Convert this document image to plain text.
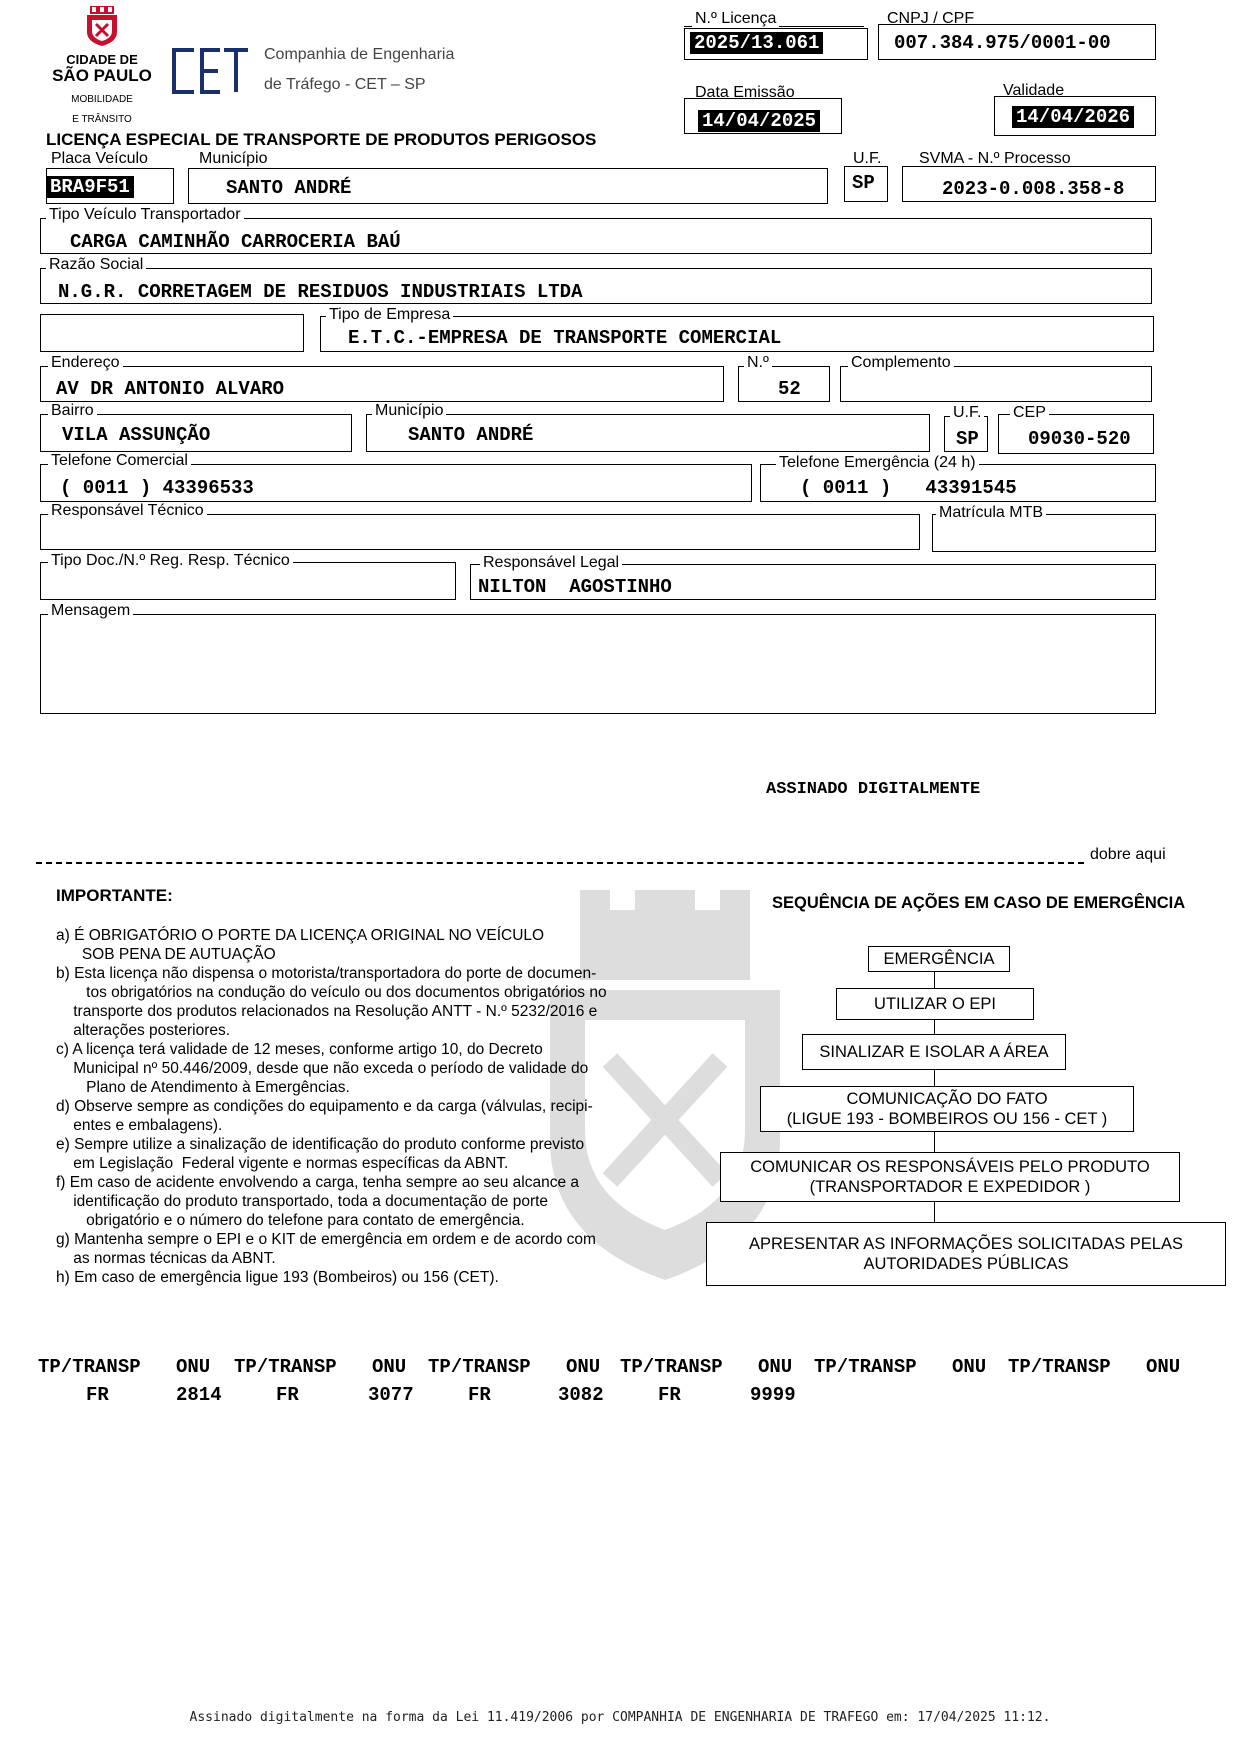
CIDADE DE
SÃO PAULO
MOBILIDADE
E TRÂNSITO
Companhia de Engenharia
de Tráfego - CET – SP
LICENÇA ESPECIAL DE TRANSPORTE DE PRODUTOS PERIGOSOS
N.º Licença
2025/13.061
CNPJ / CPF
007.384.975/0001-00
Data Emissão
14/04/2025
Validade
14/04/2026
Placa Veículo
BRA9F51
Município
SANTO ANDRÉ
U.F.
SP
SVMA - N.º Processo
2023-0.008.358-8
Tipo Veículo Transportador
CARGA CAMINHÃO CARROCERIA BAÚ
Razão Social
N.G.R. CORRETAGEM DE RESIDUOS INDUSTRIAIS LTDA
Tipo de Empresa
E.T.C.-EMPRESA DE TRANSPORTE COMERCIAL
Endereço
AV DR ANTONIO ALVARO
N.º
52
Complemento
Bairro
VILA ASSUNÇÃO
Município
SANTO ANDRÉ
U.F.
SP
CEP
09030-520
Telefone Comercial
( 0011 ) 43396533
Telefone Emergência (24 h)
( 0011 )   43391545
Responsável Técnico	Matrícula MTB
Tipo Doc./N.º Reg. Resp. Técnico	Responsável Legal
NILTON  AGOSTINHO
Mensagem
ASSINADO DIGITALMENTE
dobre aqui
IMPORTANTE:
a) É OBRIGATÓRIO O PORTE DA LICENÇA ORIGINAL NO VEÍCULO
SOB PENA DE AUTUAÇÃO
b) Esta licença não dispensa o motorista/transportadora do porte de documen-
tos obrigatórios na condução do veículo ou dos documentos obrigatórios no
transporte dos produtos relacionados na Resolução ANTT - N.º 5232/2016 e
alterações posteriores.
c) A licença terá validade de 12 meses, conforme artigo 10, do Decreto
Municipal nº 50.446/2009, desde que não exceda o período de validade do
Plano de Atendimento à Emergências.
d) Observe sempre as condições do equipamento e da carga (válvulas, recipi-
entes e embalagens).
e) Sempre utilize a sinalização de identificação do produto conforme previsto
em Legislação  Federal vigente e normas específicas da ABNT.
f) Em caso de acidente envolvendo a carga, tenha sempre ao seu alcance a
identificação do produto transportado, toda a documentação de porte
obrigatório e o número do telefone para contato de emergência.
g) Mantenha sempre o EPI e o KIT de emergência em ordem e de acordo com
as normas técnicas da ABNT.
h) Em caso de emergência ligue 193 (Bombeiros) ou 156 (CET).
SEQUÊNCIA DE AÇÕES EM CASO DE EMERGÊNCIA
EMERGÊNCIA
UTILIZAR O EPI
SINALIZAR E ISOLAR A ÁREA
COMUNICAÇÃO DO FATO
(LIGUE 193 - BOMBEIROS OU 156 - CET )
COMUNICAR OS RESPONSÁVEIS PELO PRODUTO
(TRANSPORTADOR E EXPEDIDOR )
APRESENTAR AS INFORMAÇÕES SOLICITADAS PELAS
AUTORIDADES PÚBLICAS
TP/TRANSP ONU TP/TRANSP ONU TP/TRANSP ONU TP/TRANSP ONU TP/TRANSP ONU TP/TRANSP ONU
FR	2814	FR	3077	FR	3082	FR	9999
Assinado digitalmente na forma da Lei 11.419/2006 por COMPANHIA DE ENGENHARIA DE TRAFEGO em: 17/04/2025 11:12.
